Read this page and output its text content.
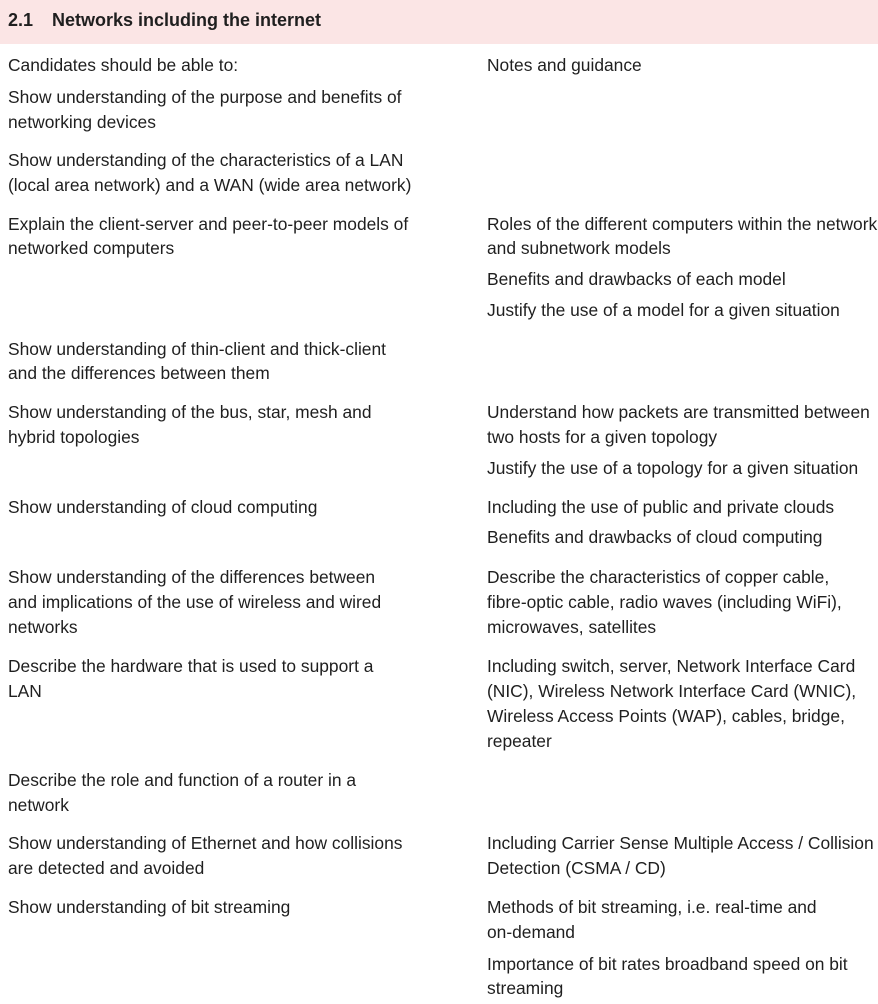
2.1 Networks including the internet
Candidates should be able to:	Notes and guidance
Show understanding of the purpose and benefits of
networking devices
Show understanding of the characteristics of a LAN
(local area network) and a WAN (wide area network)
Explain the client-server and peer-to-peer models of
networked computers
Show understanding of thin-client and thick-client
and the differences between them
Show understanding of the bus, star, mesh and
hybrid topologies
Show understanding of cloud computing
Show understanding of the differences between
and implications of the use of wireless and wired
networks
Describe the hardware that is used to support a
LAN
Describe the role and function of a router in a
network
Show understanding of Ethernet and how collisions
are detected and avoided
Show understanding of bit streaming
Roles of the different computers within the network
and subnetwork models
Benefits and drawbacks of each model
Justify the use of a model for a given situation
Understand how packets are transmitted between
two hosts for a given topology
Justify the use of a topology for a given situation
Including the use of public and private clouds
Benefits and drawbacks of cloud computing
Describe the characteristics of copper cable,
fibre-optic cable, radio waves (including WiFi),
microwaves, satellites
Including switch, server, Network Interface Card
(NIC), Wireless Network Interface Card (WNIC),
Wireless Access Points (WAP), cables, bridge,
repeater
Including Carrier Sense Multiple Access / Collision
Detection (CSMA / CD)
Methods of bit streaming, i.e. real-time and
on-demand
Importance of bit rates broadband speed on bit
streaming
